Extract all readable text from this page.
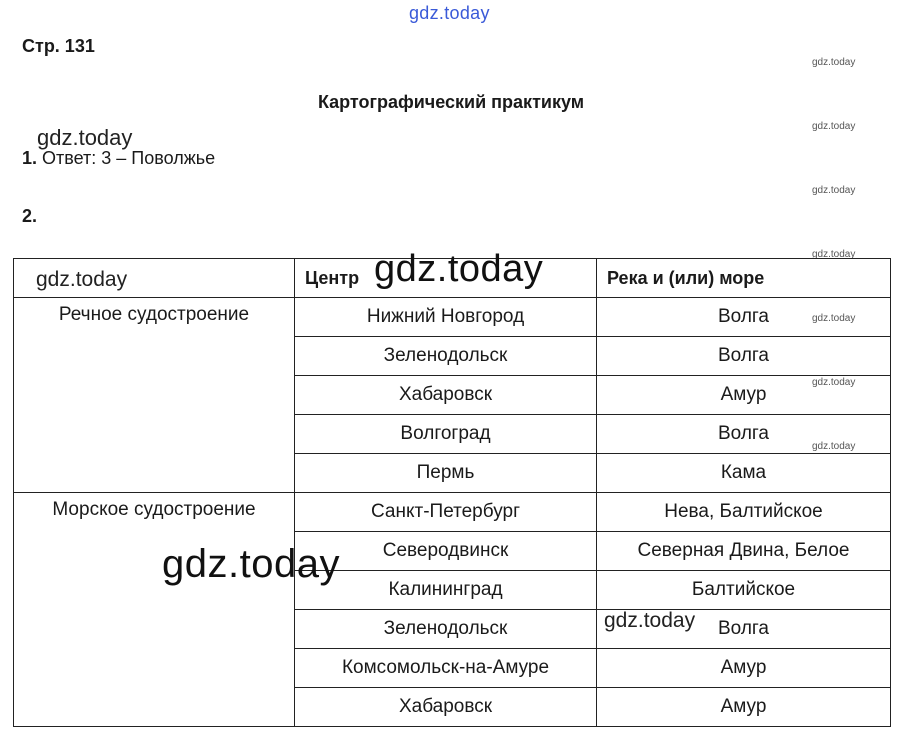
gdz.today
Стр. 131
Картографический практикум
gdz.today
1. Ответ: 3 – Поволжье
2.
gdz.today
gdz.today
gdz.today
gdz.today
	Центр	Река и (или) море
Речное судостроение	Нижний Новгород	Волга
	Зеленодольск	Волга
	Хабаровск	Амур
	Волгоград	Волга
	Пермь	Кама
Морское судостроение	Санкт-Петербург	Нева, Балтийское
	Северодвинск	Северная Двина, Белое
	Калининград	Балтийское
	Зеленодольск	Волга
	Комсомольск-на-Амуре	Амур
	Хабаровск	Амур
gdz.today	gdz.today
gdz.today
gdz.today
gdz.today
gdz.today
gdz.today
